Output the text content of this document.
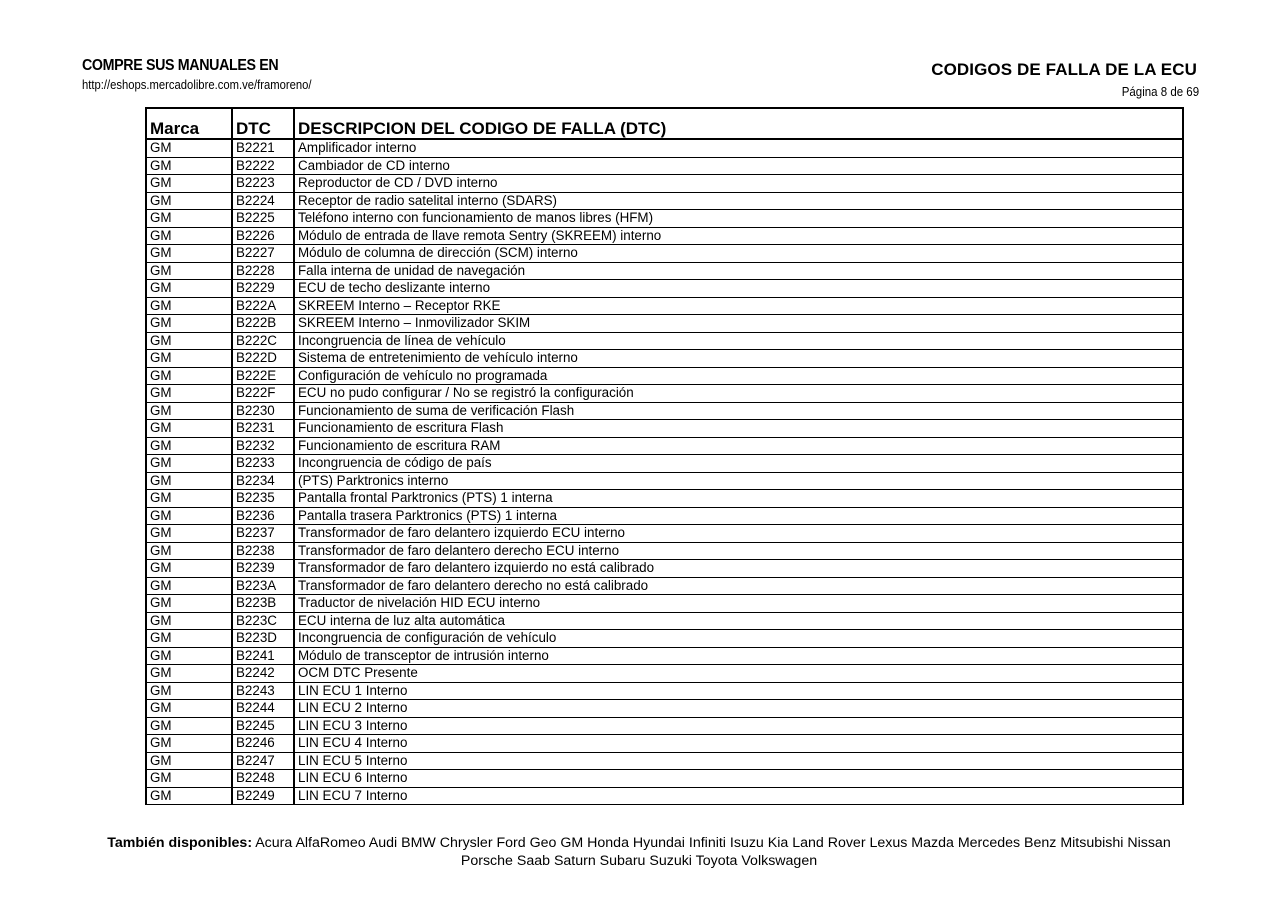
COMPRE SUS MANUALES EN
http://eshops.mercadolibre.com.ve/framoreno/
CODIGOS DE FALLA DE LA ECU
Página 8 de 69
Marca	DTC	DESCRIPCION DEL CODIGO DE FALLA (DTC)
GM	B2221	Amplificador interno
GM	B2222	Cambiador de CD interno
GM	B2223	Reproductor de CD / DVD interno
GM	B2224	Receptor de radio satelital interno (SDARS)
GM	B2225	Teléfono interno con funcionamiento de manos libres (HFM)
GM	B2226	Módulo de entrada de llave remota Sentry (SKREEM) interno
GM	B2227	Módulo de columna de dirección (SCM) interno
GM	B2228	Falla interna de unidad de navegación
GM	B2229	ECU de techo deslizante interno
GM	B222A	SKREEM Interno – Receptor RKE
GM	B222B	SKREEM Interno – Inmovilizador SKIM
GM	B222C	Incongruencia de línea de vehículo
GM	B222D	Sistema de entretenimiento de vehículo interno
GM	B222E	Configuración de vehículo no programada
GM	B222F	ECU no pudo configurar / No se registró la configuración
GM	B2230	Funcionamiento de suma de verificación Flash
GM	B2231	Funcionamiento de escritura Flash
GM	B2232	Funcionamiento de escritura RAM
GM	B2233	Incongruencia de código de país
GM	B2234	(PTS) Parktronics interno
GM	B2235	Pantalla frontal Parktronics (PTS) 1 interna
GM	B2236	Pantalla trasera Parktronics (PTS) 1 interna
GM	B2237	Transformador de faro delantero izquierdo ECU interno
GM	B2238	Transformador de faro delantero derecho ECU interno
GM	B2239	Transformador de faro delantero izquierdo no está calibrado
GM	B223A	Transformador de faro delantero derecho no está calibrado
GM	B223B	Traductor de nivelación HID ECU interno
GM	B223C	ECU interna de luz alta automática
GM	B223D	Incongruencia de configuración de vehículo
GM	B2241	Módulo de transceptor de intrusión interno
GM	B2242	OCM DTC Presente
GM	B2243	LIN ECU 1 Interno
GM	B2244	LIN ECU 2 Interno
GM	B2245	LIN ECU 3 Interno
GM	B2246	LIN ECU 4 Interno
GM	B2247	LIN ECU 5 Interno
GM	B2248	LIN ECU 6 Interno
GM	B2249	LIN ECU 7 Interno
También disponibles: Acura AlfaRomeo Audi BMW Chrysler Ford Geo GM Honda Hyundai Infiniti Isuzu Kia Land Rover Lexus Mazda Mercedes Benz Mitsubishi Nissan Porsche Saab Saturn Subaru Suzuki Toyota Volkswagen
